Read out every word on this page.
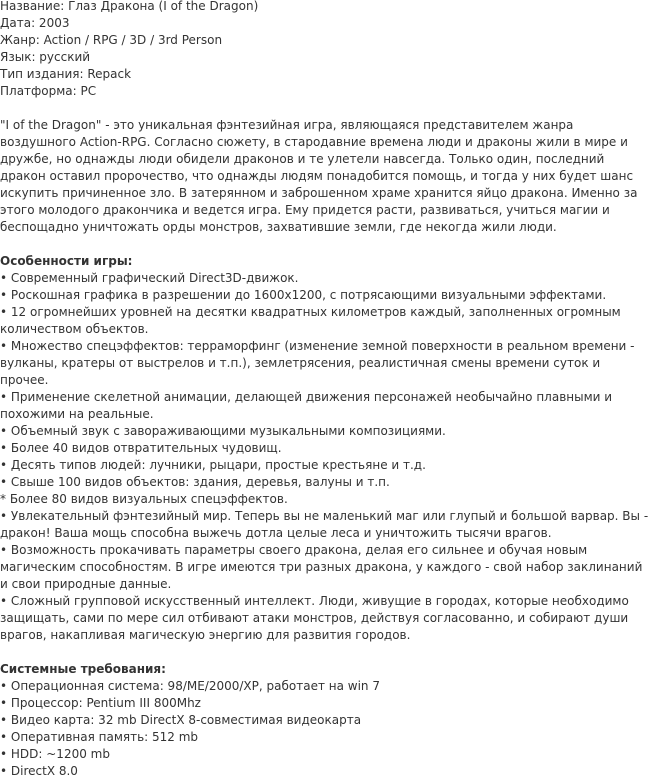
Название: Глаз Дракона (I of the Dragon)
Дата: 2003
Жанр: Action / RPG / 3D / 3rd Person
Язык: русский
Тип издания: Repack
Платформа: PC
"I of the Dragon" - это уникальная фэнтезийная игра, являющаяся представителем жанра воздушного Action-RPG. Согласно сюжету, в стародавние времена люди и драконы жили в мире и дружбе, но однажды люди обидели драконов и те улетели навсегда. Только один, последний дракон оставил пророчество, что однажды людям понадобится помощь, и тогда у них будет шанс искупить причиненное зло. В затерянном и заброшенном храме хранится яйцо дракона. Именно за этого молодого дракончика и ведется игра. Ему придется расти, развиваться, учиться магии и беспощадно уничтожать орды монстров, захватившие земли, где некогда жили люди.
Особенности игры:
• Современный графический Direct3D-движок.
• Роскошная графика в разрешении до 1600x1200, с потрясающими визуальными эффектами.
• 12 огромнейших уровней на десятки квадратных километров каждый, заполненных огромным количеством объектов.
• Множество спецэффектов: терраморфинг (изменение земной поверхности в реальном времени - вулканы, кратеры от выстрелов и т.п.), землетрясения, реалистичная смены времени суток и прочее.
• Применение скелетной анимации, делающей движения персонажей необычайно плавными и похожими на реальные.
• Объемный звук с завораживающими музыкальными композициями.
• Более 40 видов отвратительных чудовищ.
• Десять типов людей: лучники, рыцари, простые крестьяне и т.д.
• Свыше 100 видов объектов: здания, деревья, валуны и т.п.
* Более 80 видов визуальных спецэффектов.
• Увлекательный фэнтезийный мир. Теперь вы не маленький маг или глупый и большой варвар. Вы - дракон! Ваша мощь способна выжечь дотла целые леса и уничтожить тысячи врагов.
• Возможность прокачивать параметры своего дракона, делая его сильнее и обучая новым магическим способностям. В игре имеются три разных дракона, у каждого - свой набор заклинаний и свои природные данные.
• Сложный групповой искусственный интеллект. Люди, живущие в городах, которые необходимо защищать, сами по мере сил отбивают атаки монстров, действуя согласованно, и собирают души врагов, накапливая магическую энергию для развития городов.
Системные требования:
• Операционная система: 98/ME/2000/XP, работает на win 7
• Процессор: Pentium III 800Mhz
• Видео карта: 32 mb DirectX 8-совместимая видеокарта
• Оперативная память: 512 mb
• HDD: ~1200 mb
• DirectX 8.0
